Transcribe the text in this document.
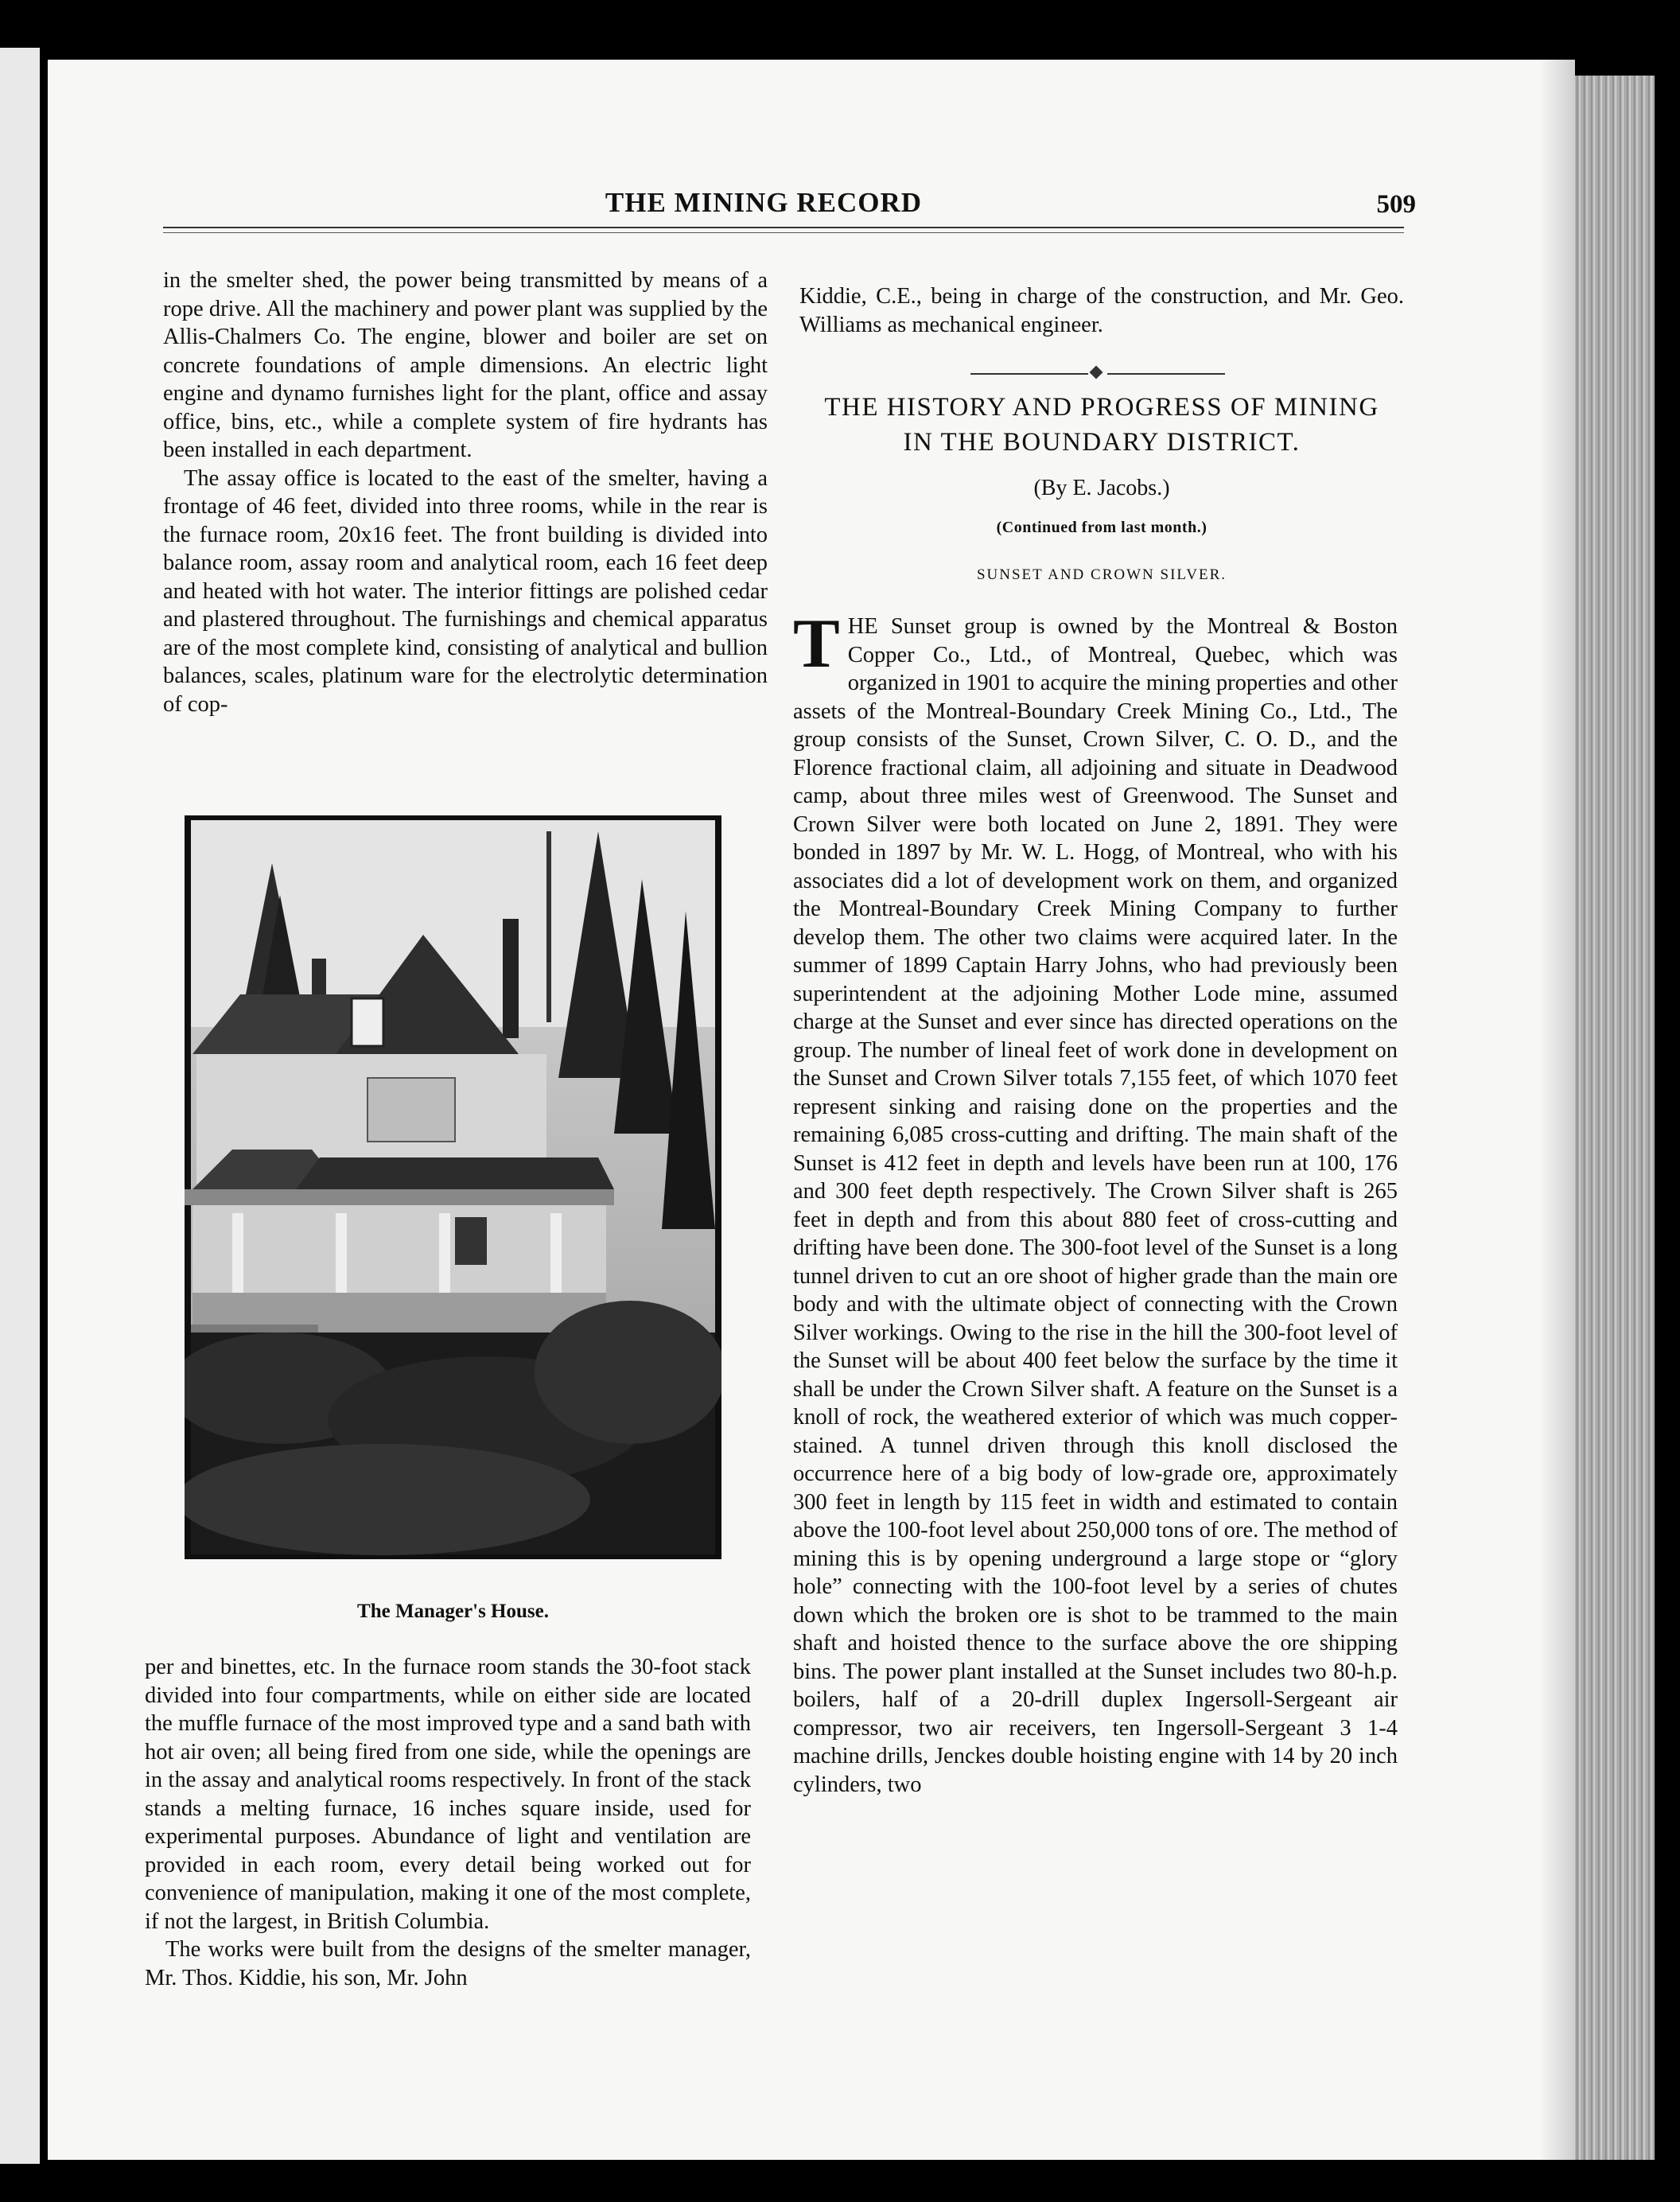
THE MINING RECORD	509

in the smelter shed, the power being transmitted by means of a rope drive. All the machinery and power plant was supplied by the Allis-Chalmers Co. The engine, blower and boiler are set on concrete foundations of ample dimensions. An electric light engine and dynamo furnishes light for the plant, office and assay office, bins, etc., while a complete system of fire hydrants has been installed in each department.

The assay office is located to the east of the smelter, having a frontage of 46 feet, divided into three rooms, while in the rear is the furnace room, 20x16 feet. The front building is divided into balance room, assay room and analytical room, each 16 feet deep and heated with hot water. The interior fittings are polished cedar and plastered throughout. The furnishings and chemical apparatus are of the most complete kind, consisting of analytical and bullion balances, scales, platinum ware for the electrolytic determination of cop-

The Manager's House.

per and binettes, etc. In the furnace room stands the 30-foot stack divided into four compartments, while on either side are located the muffle furnace of the most improved type and a sand bath with hot air oven; all being fired from one side, while the openings are in the assay and analytical rooms respectively. In front of the stack stands a melting furnace, 16 inches square inside, used for experimental purposes. Abundance of light and ventilation are provided in each room, every detail being worked out for convenience of manipulation, making it one of the most complete, if not the largest, in British Columbia.

The works were built from the designs of the smelter manager, Mr. Thos. Kiddie, his son, Mr. John

Kiddie, C.E., being in charge of the construction, and Mr. Geo. Williams as mechanical engineer.

THE HISTORY AND PROGRESS OF MINING
IN THE BOUNDARY DISTRICT.
(By E. Jacobs.)
(Continued from last month.)
SUNSET AND CROWN SILVER.

THE Sunset group is owned by the Montreal & Boston Copper Co., Ltd., of Montreal, Quebec, which was organized in 1901 to acquire the mining properties and other assets of the Montreal-Boundary Creek Mining Co., Ltd., The group consists of the Sunset, Crown Silver, C. O. D., and the Florence fractional claim, all adjoining and situate in Deadwood camp, about three miles west of Greenwood. The Sunset and Crown Silver were both located on June 2, 1891. They were bonded in 1897 by Mr. W. L. Hogg, of Montreal, who with his associates did a lot of development work on them, and organized the Montreal-Boundary Creek Mining Company to further develop them. The other two claims were acquired later. In the summer of 1899 Captain Harry Johns, who had previously been superintendent at the adjoining Mother Lode mine, assumed charge at the Sunset and ever since has directed operations on the group. The number of lineal feet of work done in development on the Sunset and Crown Silver totals 7,155 feet, of which 1070 feet represent sinking and raising done on the properties and the remaining 6,085 cross-cutting and drifting. The main shaft of the Sunset is 412 feet in depth and levels have been run at 100, 176 and 300 feet depth respectively. The Crown Silver shaft is 265 feet in depth and from this about 880 feet of cross-cutting and drifting have been done. The 300-foot level of the Sunset is a long tunnel driven to cut an ore shoot of higher grade than the main ore body and with the ultimate object of connecting with the Crown Silver workings. Owing to the rise in the hill the 300-foot level of the Sunset will be about 400 feet below the surface by the time it shall be under the Crown Silver shaft. A feature on the Sunset is a knoll of rock, the weathered exterior of which was much copper-stained. A tunnel driven through this knoll disclosed the occurrence here of a big body of low-grade ore, approximately 300 feet in length by 115 feet in width and estimated to contain above the 100-foot level about 250,000 tons of ore. The method of mining this is by opening underground a large stope or “glory hole” connecting with the 100-foot level by a series of chutes down which the broken ore is shot to be trammed to the main shaft and hoisted thence to the surface above the ore shipping bins. The power plant installed at the Sunset includes two 80-h.p. boilers, half of a 20-drill duplex Ingersoll-Sergeant air compressor, two air receivers, ten Ingersoll-Sergeant 3 1-4 machine drills, Jenckes double hoisting engine with 14 by 20 inch cylinders, two
